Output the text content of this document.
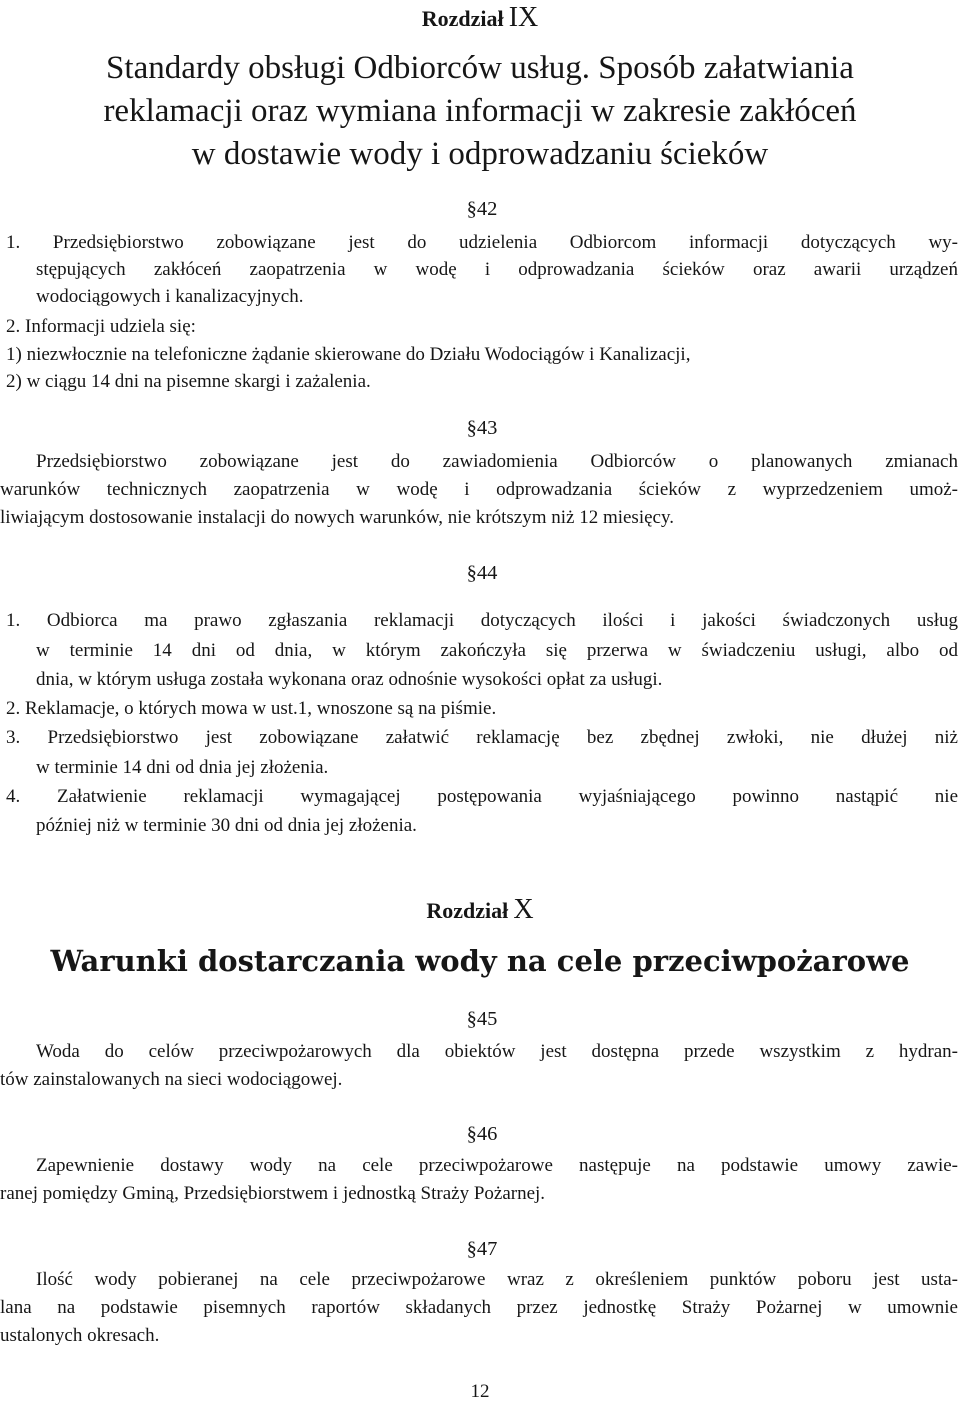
Rozdział IX
Standardy obsługi Odbiorców usług. Sposób załatwiania
reklamacji oraz wymiana informacji w zakresie zakłóceń
w dostawie wody i odprowadzaniu ścieków
§42
1. Przedsiębiorstwo zobowiązane jest do udzielenia Odbiorcom informacji dotyczących wy-
stępujących zakłóceń zaopatrzenia w wodę i odprowadzania ścieków oraz awarii urządzeń
wodociągowych i kanalizacyjnych.
2. Informacji udziela się:
1) niezwłocznie na telefoniczne żądanie skierowane do Działu Wodociągów i Kanalizacji,
2) w ciągu 14 dni na pisemne skargi i zażalenia.
§43
Przedsiębiorstwo zobowiązane jest do zawiadomienia Odbiorców o planowanych zmianach
warunków technicznych zaopatrzenia w wodę i odprowadzania ścieków z wyprzedzeniem umoż-
liwiającym dostosowanie instalacji do nowych warunków, nie krótszym niż 12 miesięcy.
§44
1. Odbiorca ma prawo zgłaszania reklamacji dotyczących ilości i jakości świadczonych usług
w terminie 14 dni od dnia, w którym zakończyła się przerwa w świadczeniu usługi, albo od
dnia, w którym usługa została wykonana oraz odnośnie wysokości opłat za usługi.
2. Reklamacje, o których mowa w ust.1, wnoszone są na piśmie.
3. Przedsiębiorstwo jest zobowiązane załatwić reklamację bez zbędnej zwłoki, nie dłużej niż
w terminie 14 dni od dnia jej złożenia.
4. Załatwienie reklamacji wymagającej postępowania wyjaśniającego powinno nastąpić nie
później niż w terminie 30 dni od dnia jej złożenia.
Rozdział X
Warunki dostarczania wody na cele przeciwpożarowe
§45
Woda do celów przeciwpożarowych dla obiektów jest dostępna przede wszystkim z hydran-
tów zainstalowanych na sieci wodociągowej.
§46
Zapewnienie dostawy wody na cele przeciwpożarowe następuje na podstawie umowy zawie-
ranej pomiędzy Gminą, Przedsiębiorstwem i jednostką Straży Pożarnej.
§47
Ilość wody pobieranej na cele przeciwpożarowe wraz z określeniem punktów poboru jest usta-
lana na podstawie pisemnych raportów składanych przez jednostkę Straży Pożarnej w umownie
ustalonych okresach.
12
